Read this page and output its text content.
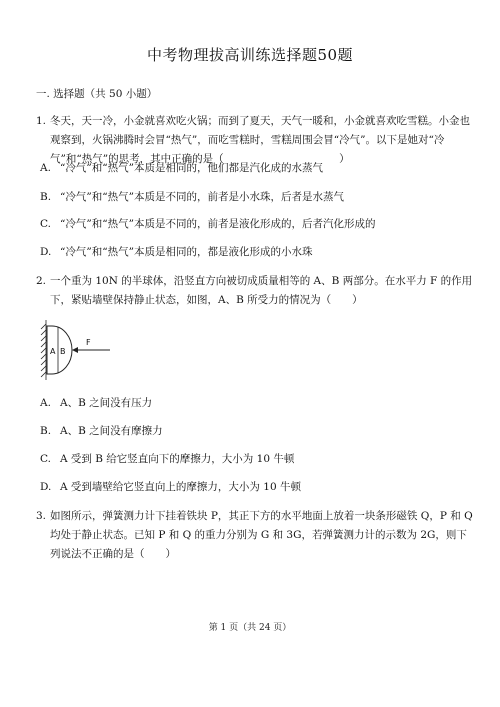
中考物理拔高训练选择题50题
一. 选择题（共 50 小题）
1. 冬天，天一冷，小金就喜欢吃火锅；而到了夏天，天气一暖和，小金就喜欢吃雪糕。小金也观察到，火锅沸腾时会冒“热气”，而吃雪糕时，雪糕周围会冒“冷气”。以下是她对“冷气”和“热气”的思考，其中正确的是（　　　　　　　　　　　）
A. “冷气”和“热气”本质是相同的，他们都是汽化成的水蒸气
B. “冷气”和“热气”本质是不同的，前者是小水珠，后者是水蒸气
C. “冷气”和“热气”本质是不同的，前者是液化形成的，后者汽化形成的
D. “冷气”和“热气”本质是相同的，都是液化形成的小水珠
2. 一个重为 10N 的半球体，沿竖直方向被切成质量相等的 A、B 两部分。在水平力 F 的作用下，紧贴墙壁保持静止状态，如图，A、B 所受力的情况为（　　）
A B
F
A. A、B 之间没有压力
B. A、B 之间没有摩擦力
C. A 受到 B 给它竖直向下的摩擦力，大小为 10 牛顿
D. A 受到墙壁给它竖直向上的摩擦力，大小为 10 牛顿
3. 如图所示，弹簧测力计下挂着铁块 P，其正下方的水平地面上放着一块条形磁铁 Q，P 和 Q 均处于静止状态。已知 P 和 Q 的重力分别为 G 和 3G，若弹簧测力计的示数为 2G，则下列说法不正确的是（　　）
第 1 页（共 24 页）
